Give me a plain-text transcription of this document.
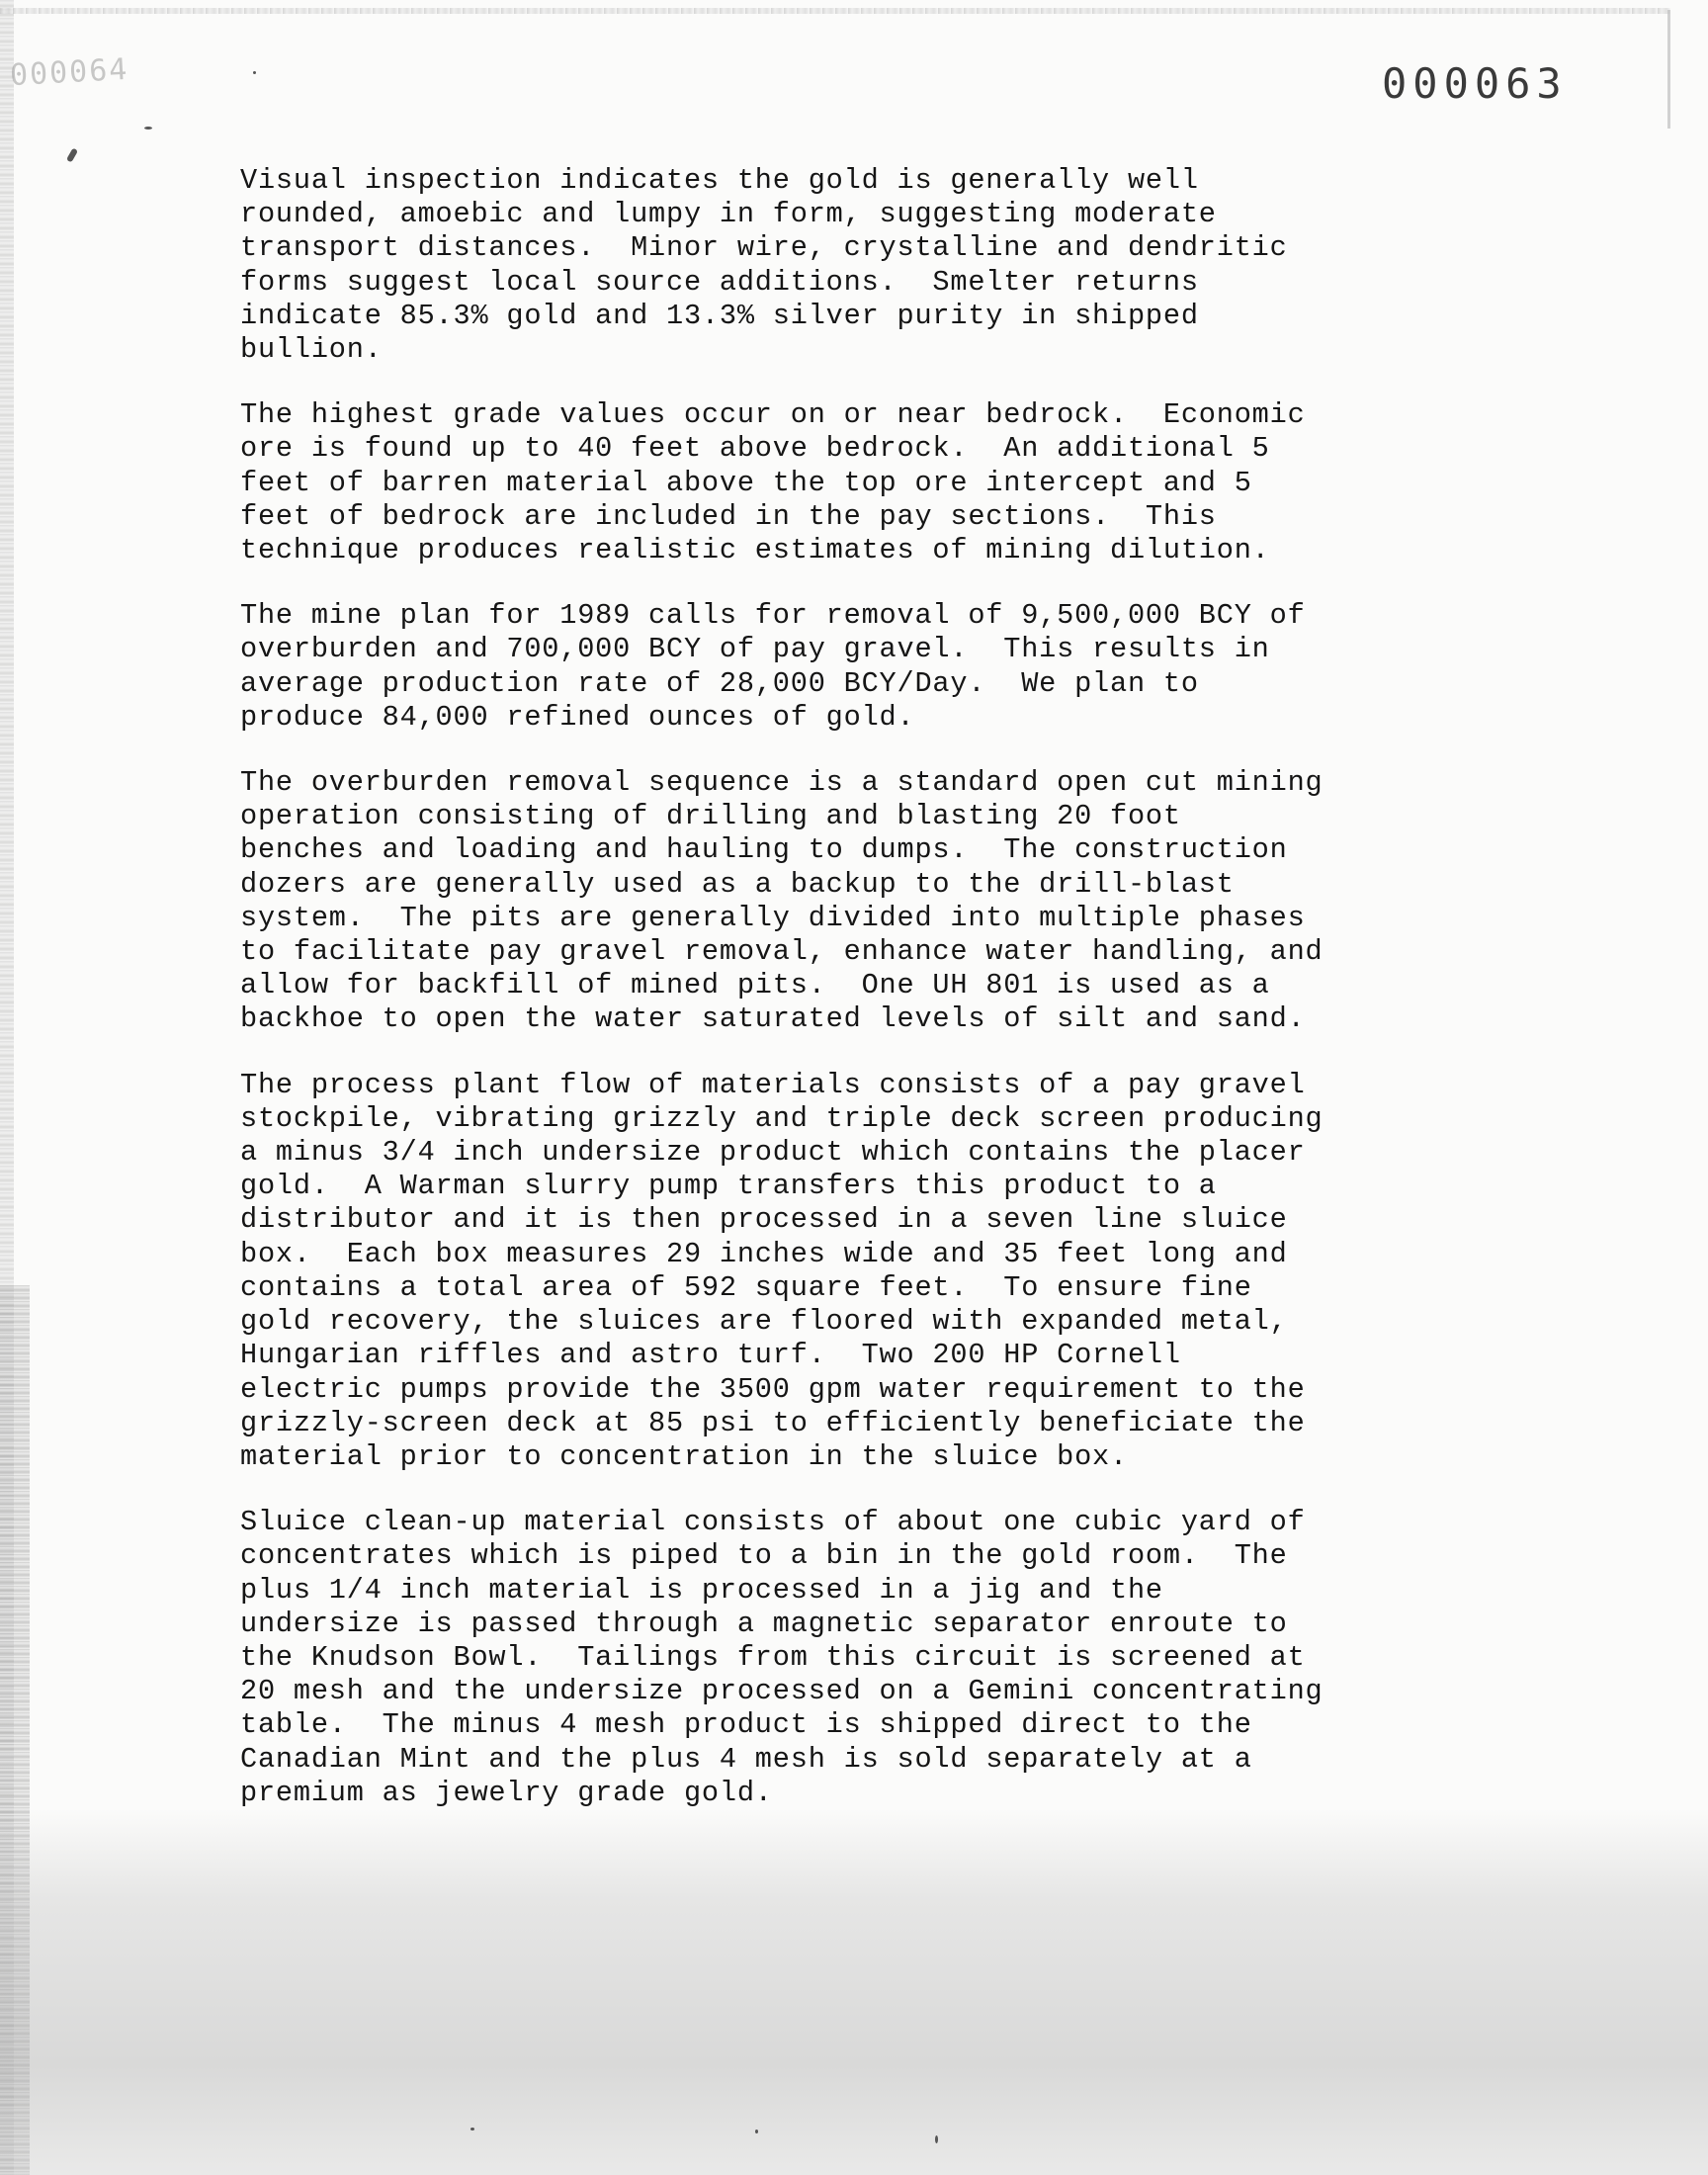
000064	000063
Visual inspection indicates the gold is generally well
rounded, amoebic and lumpy in form, suggesting moderate
transport distances.  Minor wire, crystalline and dendritic
forms suggest local source additions.  Smelter returns
indicate 85.3% gold and 13.3% silver purity in shipped
bullion.
The highest grade values occur on or near bedrock.  Economic
ore is found up to 40 feet above bedrock.  An additional 5
feet of barren material above the top ore intercept and 5
feet of bedrock are included in the pay sections.  This
technique produces realistic estimates of mining dilution.
The mine plan for 1989 calls for removal of 9,500,000 BCY of
overburden and 700,000 BCY of pay gravel.  This results in
average production rate of 28,000 BCY/Day.  We plan to
produce 84,000 refined ounces of gold.
The overburden removal sequence is a standard open cut mining
operation consisting of drilling and blasting 20 foot
benches and loading and hauling to dumps.  The construction
dozers are generally used as a backup to the drill-blast
system.  The pits are generally divided into multiple phases
to facilitate pay gravel removal, enhance water handling, and
allow for backfill of mined pits.  One UH 801 is used as a
backhoe to open the water saturated levels of silt and sand.
The process plant flow of materials consists of a pay gravel
stockpile, vibrating grizzly and triple deck screen producing
a minus 3/4 inch undersize product which contains the placer
gold.  A Warman slurry pump transfers this product to a
distributor and it is then processed in a seven line sluice
box.  Each box measures 29 inches wide and 35 feet long and
contains a total area of 592 square feet.  To ensure fine
gold recovery, the sluices are floored with expanded metal,
Hungarian riffles and astro turf.  Two 200 HP Cornell
electric pumps provide the 3500 gpm water requirement to the
grizzly-screen deck at 85 psi to efficiently beneficiate the
material prior to concentration in the sluice box.
Sluice clean-up material consists of about one cubic yard of
concentrates which is piped to a bin in the gold room.  The
plus 1/4 inch material is processed in a jig and the
undersize is passed through a magnetic separator enroute to
the Knudson Bowl.  Tailings from this circuit is screened at
20 mesh and the undersize processed on a Gemini concentrating
table.  The minus 4 mesh product is shipped direct to the
Canadian Mint and the plus 4 mesh is sold separately at a
premium as jewelry grade gold.
